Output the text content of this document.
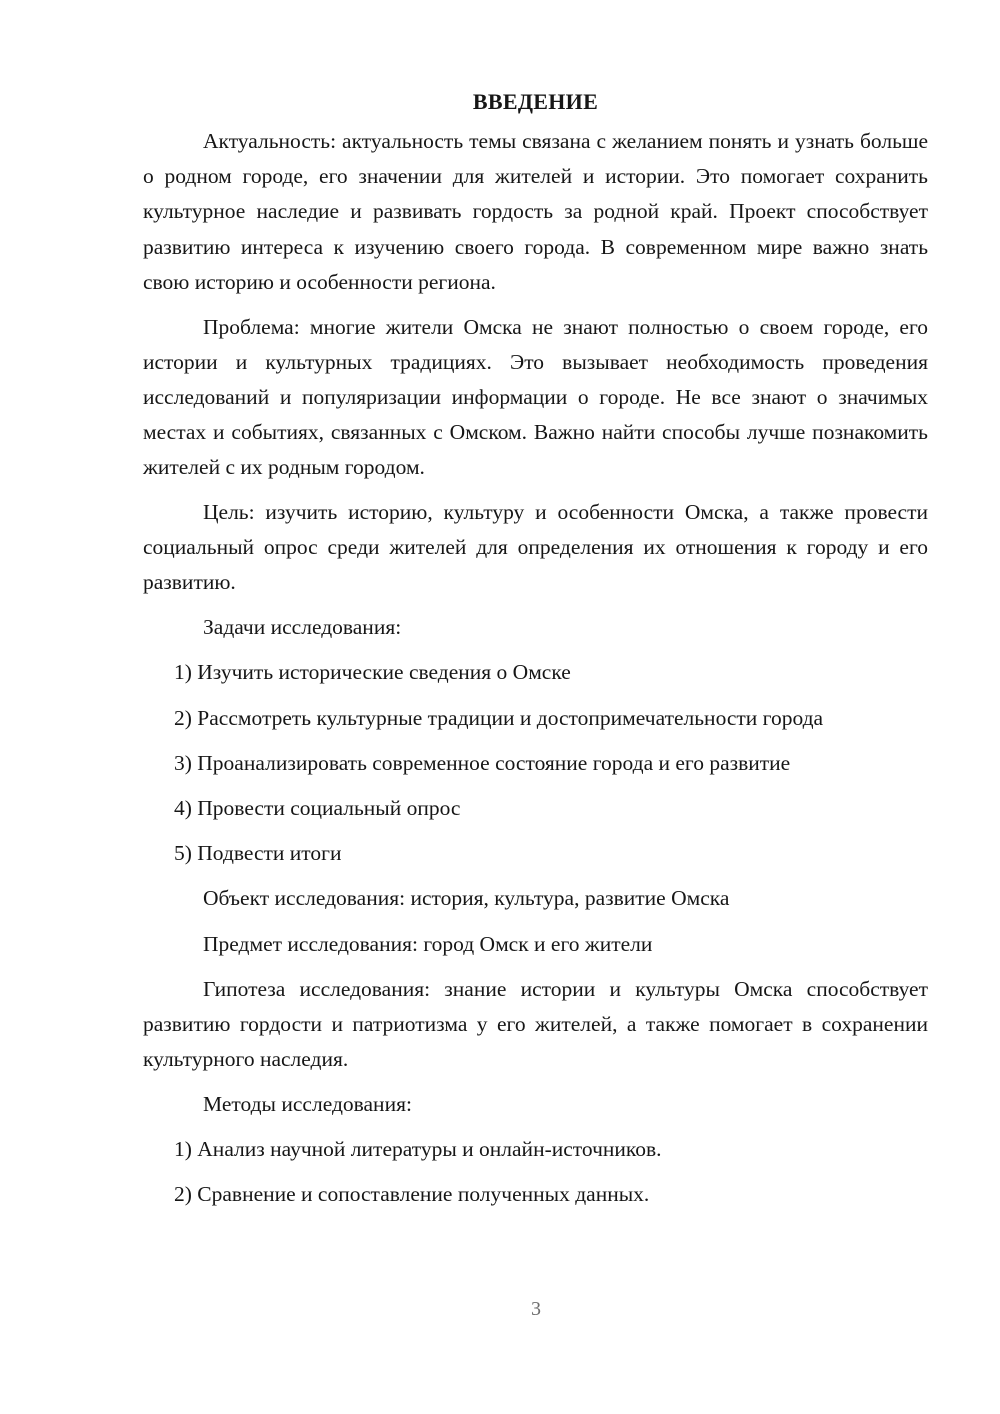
ВВЕДЕНИЕ

Актуальность: актуальность темы связана с желанием понять и узнать больше о родном городе, его значении для жителей и истории. Это помогает сохранить культурное наследие и развивать гордость за родной край. Проект способствует развитию интереса к изучению своего города. В современном мире важно знать свою историю и особенности региона.

Проблема: многие жители Омска не знают полностью о своем городе, его истории и культурных традициях. Это вызывает необходимость проведения исследований и популяризации информации о городе. Не все знают о значимых местах и событиях, связанных с Омском. Важно найти способы лучше познакомить жителей с их родным городом.

Цель: изучить историю, культуру и особенности Омска, а также провести социальный опрос среди жителей для определения их отношения к городу и его развитию.

Задачи исследования:

1) Изучить исторические сведения о Омске

2) Рассмотреть культурные традиции и достопримечательности города

3) Проанализировать современное состояние города и его развитие

4) Провести социальный опрос

5) Подвести итоги

Объект исследования: история, культура, развитие Омска

Предмет исследования: город Омск и его жители

Гипотеза исследования: знание истории и культуры Омска способствует развитию гордости и патриотизма у его жителей, а также помогает в сохранении культурного наследия.

Методы исследования:

1) Анализ научной литературы и онлайн-источников.

2) Сравнение и сопоставление полученных данных.

3
